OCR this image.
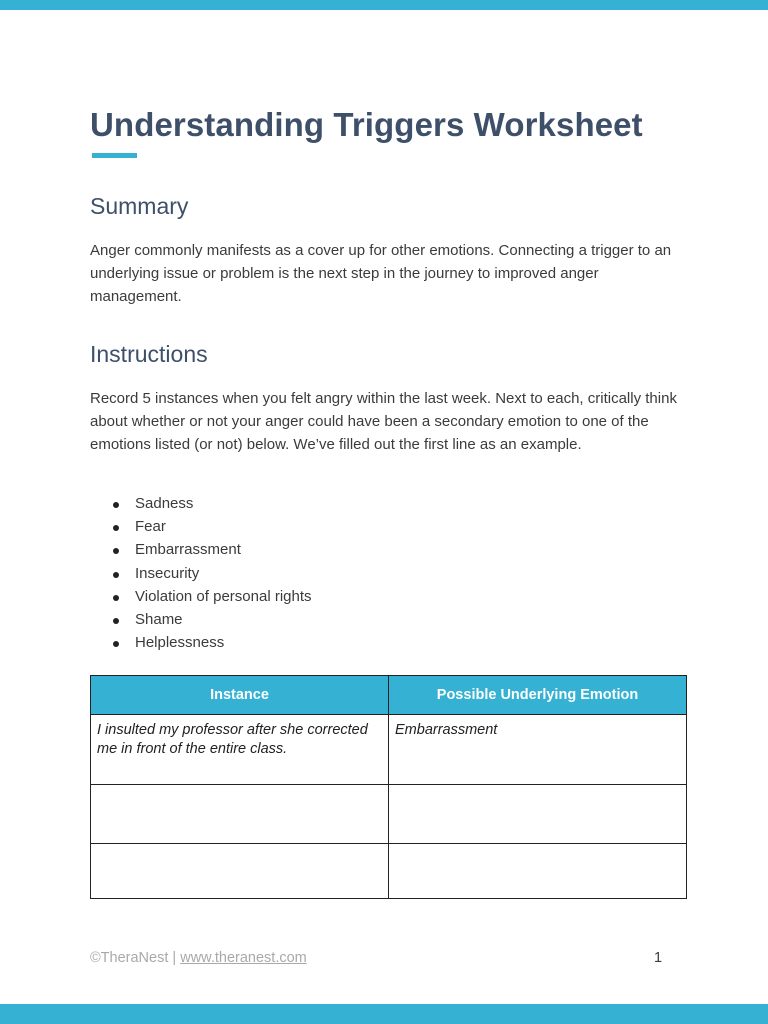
Understanding Triggers Worksheet
Summary

Anger commonly manifests as a cover up for other emotions. Connecting a trigger to an underlying issue or problem is the next step in the journey to improved anger management.

Instructions

Record 5 instances when you felt angry within the last week. Next to each, critically think about whether or not your anger could have been a secondary emotion to one of the emotions listed (or not) below. We’ve filled out the first line as an example.

Sadness
Fear
Embarrassment
Insecurity
Violation of personal rights
Shame
Helplessness
Instance	Possible Underlying Emotion
I insulted my professor after she corrected me in front of the entire class.	Embarrassment

©TheraNest | www.theranest.com	1
